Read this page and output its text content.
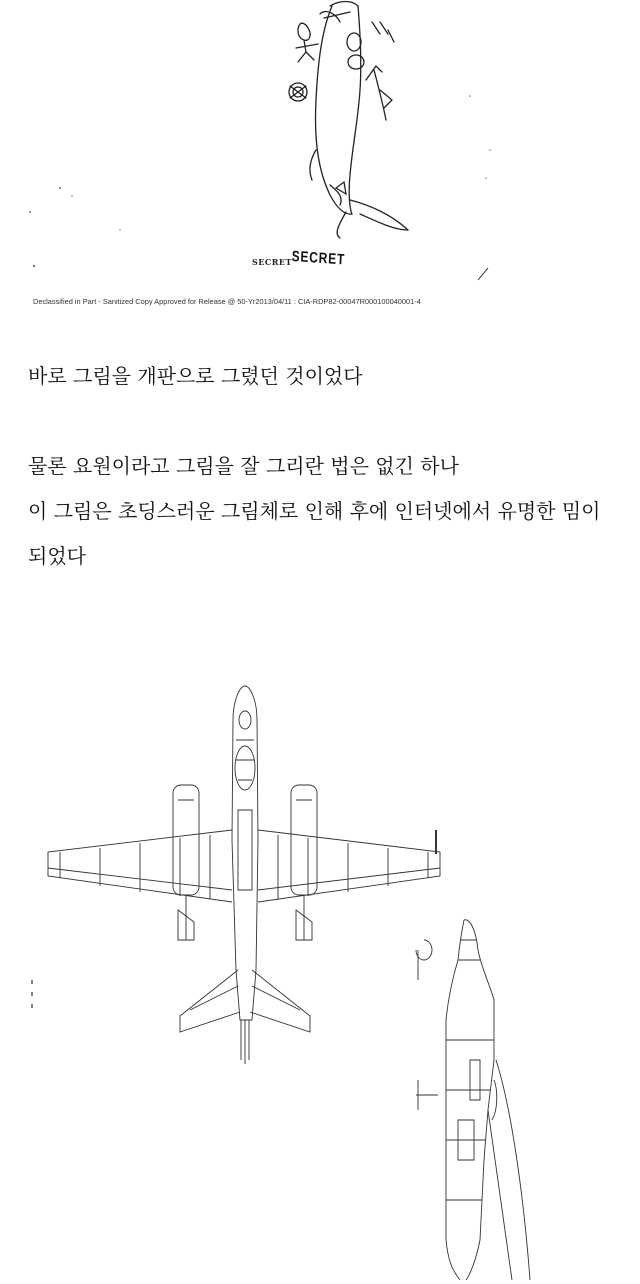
SECRET SECRET
Declassified in Part - Sanitized Copy Approved for Release @ 50-Yr2013/04/11 : CIA-RDP82-00047R000100040001-4
바로 그림을 개판으로 그렸던 것이었다
물론 요원이라고 그림을 잘 그리란 법은 없긴 하나
이 그림은 초딩스러운 그림체로 인해 후에 인터넷에서 유명한 밈이
되었다
